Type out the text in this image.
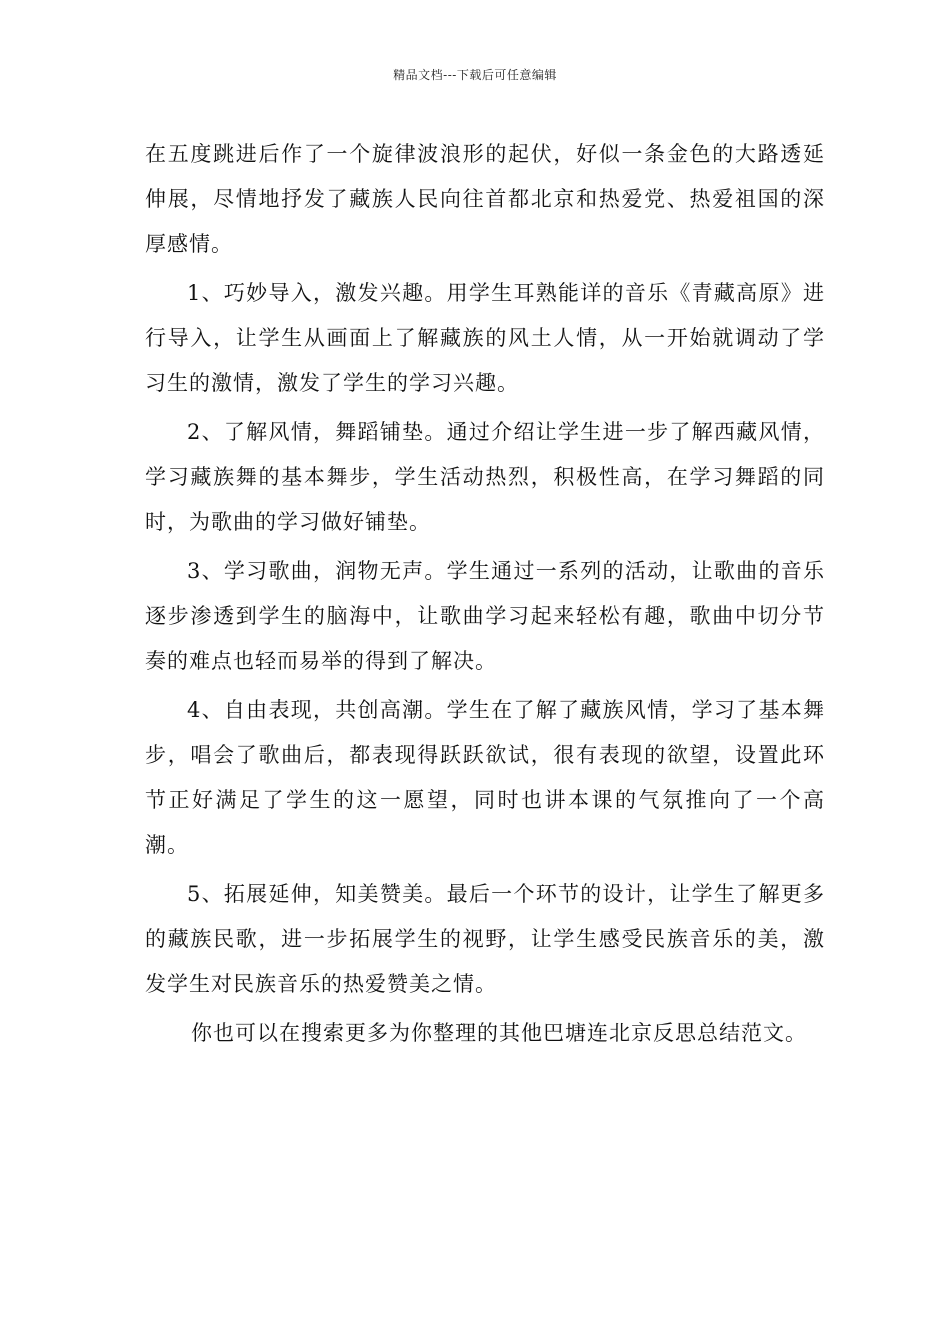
精品文档---下载后可任意编辑

在五度跳进后作了一个旋律波浪形的起伏，好似一条金色的大路透延伸展，尽情地抒发了藏族人民向往首都北京和热爱党、热爱祖国的深厚感情。

1、巧妙导入，激发兴趣。用学生耳熟能详的音乐《青藏高原》进行导入，让学生从画面上了解藏族的风土人情，从一开始就调动了学习生的激情，激发了学生的学习兴趣。

2、了解风情，舞蹈铺垫。通过介绍让学生进一步了解西藏风情，学习藏族舞的基本舞步，学生活动热烈，积极性高，在学习舞蹈的同时，为歌曲的学习做好铺垫。

3、学习歌曲，润物无声。学生通过一系列的活动，让歌曲的音乐逐步渗透到学生的脑海中，让歌曲学习起来轻松有趣，歌曲中切分节奏的难点也轻而易举的得到了解决。

4、自由表现，共创高潮。学生在了解了藏族风情，学习了基本舞步，唱会了歌曲后，都表现得跃跃欲试，很有表现的欲望，设置此环节正好满足了学生的这一愿望，同时也讲本课的气氛推向了一个高潮。

5、拓展延伸，知美赞美。最后一个环节的设计，让学生了解更多的藏族民歌，进一步拓展学生的视野，让学生感受民族音乐的美，激发学生对民族音乐的热爱赞美之情。

你也可以在搜索更多为你整理的其他巴塘连北京反思总结范文。
